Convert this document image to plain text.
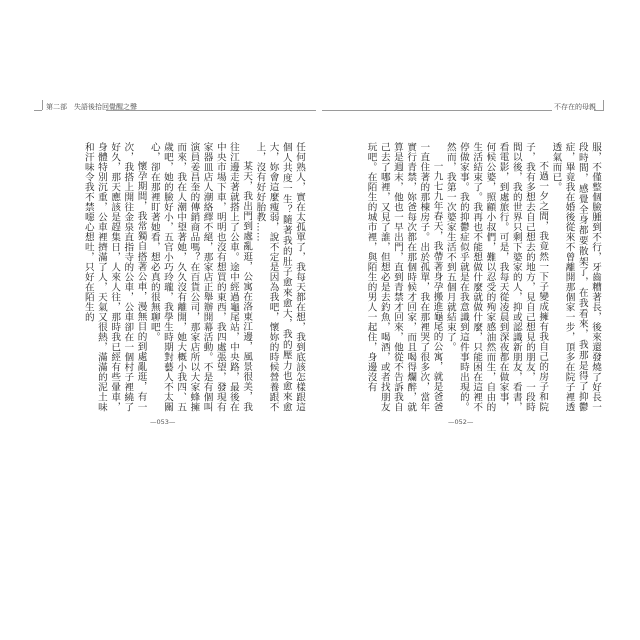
第二部 失語後拾回覺醒之聲

任何熟人，實在太孤單了，我每天都在想，我到底該怎樣跟這個人共度一生？隨著我的肚子愈來愈大，我的壓力也愈來愈大，妳會這麼瘦弱，說不定是因為我吧，懷妳的時候營養跟不上，沒有好好胎教……

某天，我出門到處亂逛，公寓在洛東江邊，風景很美，我往江邊走著就搭上了公車。途中經過龜尾站，中央路，最後在中央市場下車，明明也沒有想買的東西，我四處張望，發現有家器皿店人潮絡繹不絕，那家店正舉辦開幕活動。不是有個叫演員姜昌奎的傳銷商品嗎？在百貨公司，那家店所以大家蜂擁而來，我在人潮中望著她，久久沒有離開，她大概小我四、五歲吧，她的臉好小，五官小巧玲瓏，我學生時期對藝人不太關心，卻在那裡盯著她看，想必真的很無聊吧。

懷孕期間，我常獨自搭著公車，漫無目的到處亂逛，有一次，我搭上開往金泉直指寺的公車，公車卻在一個村子裡繞了好久，那天應該是趕集日，人來人往，那時我已經有些暈車，身體特別沉重，公車裡擠滿了人，天氣又很熱，滿滿的泥土味和汗味令我不禁噁心想吐，只好在陌生的

—053—
不存在的母親

服，不僅整個臉腫到不行，牙齒糟著長，後來還發燒了好長一段時間，感覺全身都要散架了，在我看來，我那是得了抑鬱症，畢竟我在婚後從來不曾離開那個家一步，頂多在院子裡透透氣而已。

不過一夕之間，我竟然一下子變成擁有我自己的房子和院子，我有多想去自己想去的地方，見自己想見的朋友，一段時間以後，我的世界只剩下婆家的人，抑或認識新朋友，看書，看電影，到處旅行。可是，我每天從凌晨到深夜都在做家事，何候公婆，照顧小叔們，難以忍受的殉家感油然而生，自由的生活結束了。我再也不能想做什麼就做什麼，只能困在這裡不停做家事。我的抑鬱症似乎就是在我意識到這件事時出現的。然而，我第一次婆家生活不到五個月就結束了。

一九七九年春天，我帶著身孕搬進龜尾的公寓，就是爸爸一直住著的那棟房子。出於孤單，我在那裡哭了很多次，當年實行青禁，妳爸每次都在那個時候才回家，而且喝得爛醉，就算是週末，他也一早出門，直到青禁才回來，他從不告訴我自己去了哪裡，又見了誰，但想必是去釣魚，喝酒，或者找朋友玩吧。在陌生的城市裡，與陌生的男人一起住，身邊沒有

—052—
